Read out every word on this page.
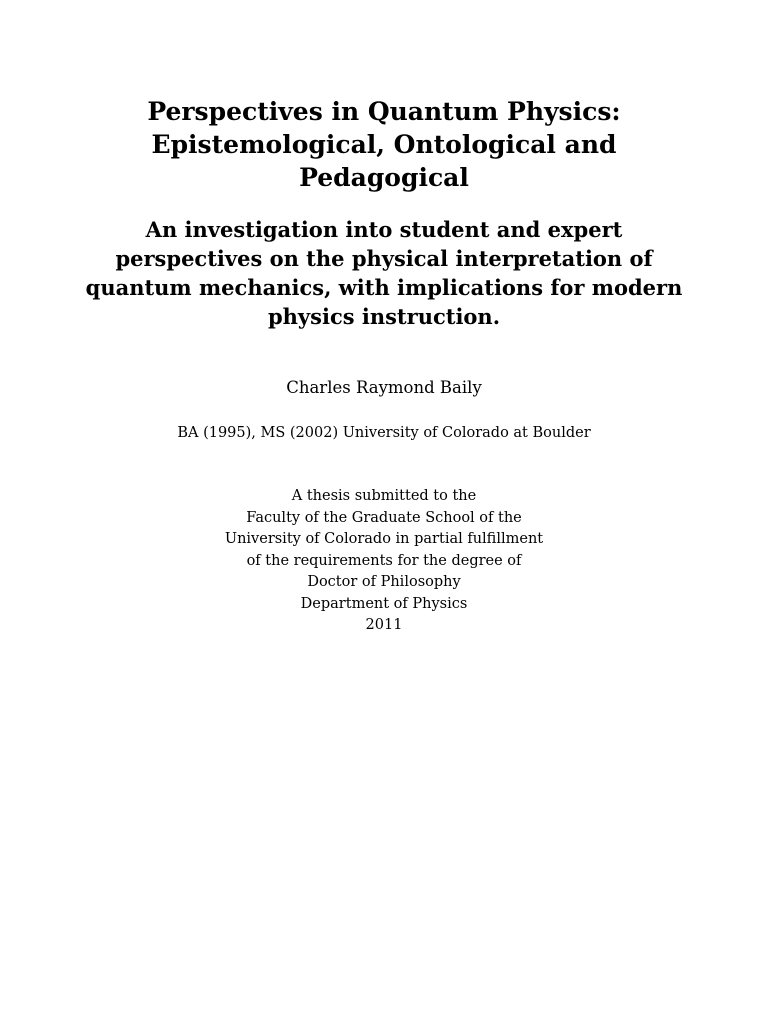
Perspectives in Quantum Physics:
Epistemological, Ontological and
Pedagogical
An investigation into student and expert
perspectives on the physical interpretation of
quantum mechanics, with implications for modern
physics instruction.
Charles Raymond Baily
BA (1995), MS (2002) University of Colorado at Boulder
A thesis submitted to the
Faculty of the Graduate School of the
University of Colorado in partial fulfillment
of the requirements for the degree of
Doctor of Philosophy
Department of Physics
2011
